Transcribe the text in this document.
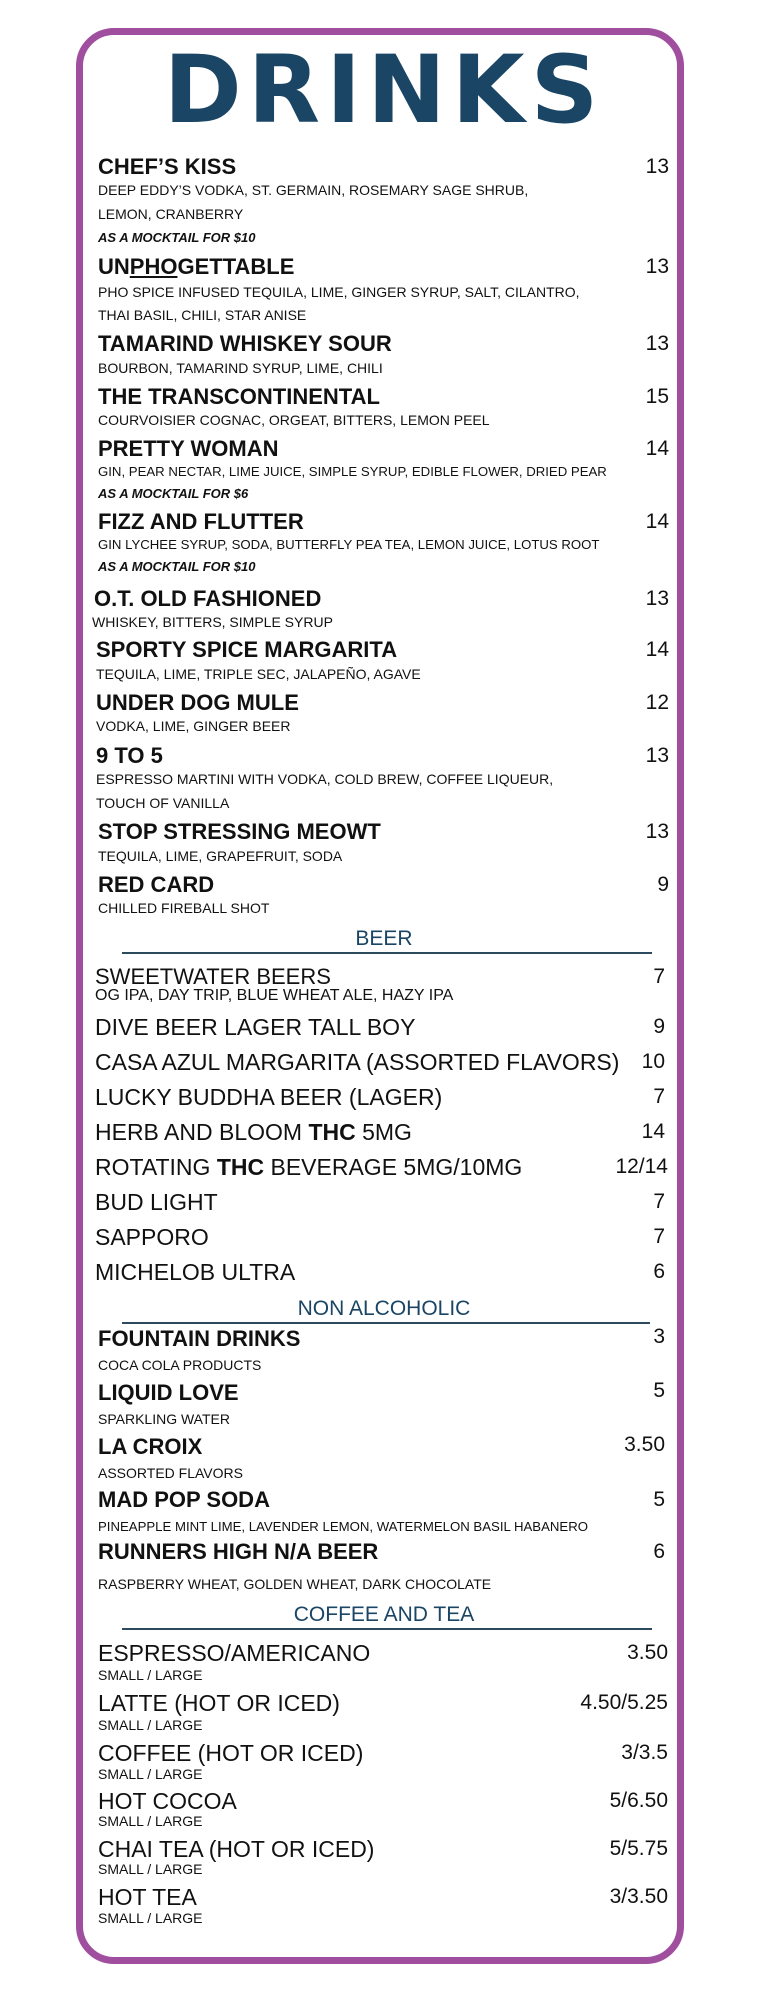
DRINKS
CHEF’S KISS	13
DEEP EDDY’S VODKA, ST. GERMAIN, ROSEMARY SAGE SHRUB,
LEMON, CRANBERRY
AS A MOCKTAIL FOR $10
UNPHOGETTABLE	13
PHO SPICE INFUSED TEQUILA, LIME, GINGER SYRUP, SALT, CILANTRO,
THAI BASIL, CHILI, STAR ANISE
TAMARIND WHISKEY SOUR	13
BOURBON, TAMARIND SYRUP, LIME, CHILI
THE TRANSCONTINENTAL	15
COURVOISIER COGNAC, ORGEAT, BITTERS, LEMON PEEL
PRETTY WOMAN	14
GIN, PEAR NECTAR, LIME JUICE, SIMPLE SYRUP, EDIBLE FLOWER, DRIED PEAR
AS A MOCKTAIL FOR $6
FIZZ AND FLUTTER	14
GIN LYCHEE SYRUP, SODA, BUTTERFLY PEA TEA, LEMON JUICE, LOTUS ROOT
AS A MOCKTAIL FOR $10
O.T. OLD FASHIONED	13
WHISKEY, BITTERS, SIMPLE SYRUP
SPORTY SPICE MARGARITA	14
TEQUILA, LIME, TRIPLE SEC, JALAPEÑO, AGAVE
UNDER DOG MULE	12
VODKA, LIME, GINGER BEER
9 TO 5	13
ESPRESSO MARTINI WITH VODKA, COLD BREW, COFFEE LIQUEUR,
TOUCH OF VANILLA
STOP STRESSING MEOWT	13
TEQUILA, LIME, GRAPEFRUIT, SODA
RED CARD	9
CHILLED FIREBALL SHOT
BEER
SWEETWATER BEERS	7
OG IPA, DAY TRIP, BLUE WHEAT ALE, HAZY IPA
DIVE BEER LAGER TALL BOY	9
CASA AZUL MARGARITA (ASSORTED FLAVORS) 10
LUCKY BUDDHA BEER (LAGER)	7
HERB AND BLOOM THC 5MG	14
ROTATING THC BEVERAGE 5MG/10MG	12/14
BUD LIGHT	7
SAPPORO	7
MICHELOB ULTRA	6
NON ALCOHOLIC
FOUNTAIN DRINKS	3
COCA COLA PRODUCTS
LIQUID LOVE	5
SPARKLING WATER
LA CROIX	3.50
ASSORTED FLAVORS
MAD POP SODA	5
PINEAPPLE MINT LIME, LAVENDER LEMON, WATERMELON BASIL HABANERO
RUNNERS HIGH N/A BEER	6
RASPBERRY WHEAT, GOLDEN WHEAT, DARK CHOCOLATE
COFFEE AND TEA
ESPRESSO/AMERICANO	3.50
SMALL / LARGE
LATTE (HOT OR ICED)	4.50/5.25
SMALL / LARGE
COFFEE (HOT OR ICED)	3/3.5
SMALL / LARGE
HOT COCOA	5/6.50
SMALL / LARGE
CHAI TEA (HOT OR ICED)	5/5.75
SMALL / LARGE
HOT TEA	3/3.50
SMALL / LARGE
